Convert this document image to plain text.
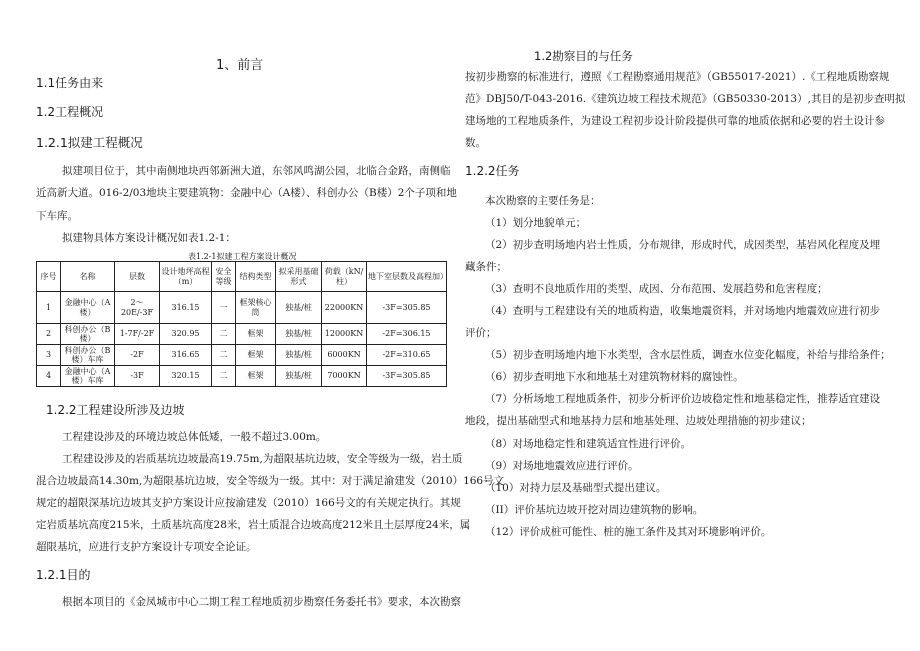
1、前言
1.1任务由来
1.2工程概况
1.2.1拟建工程概况
拟建项目位于，其中南侧地块西邻新洲大道，东邻风鸣湖公园，北临合金路，南侧临
近高新大道。016-2/03地块主要建筑物：金融中心（A楼）、科创办公（B楼）2个子项和地
下车库。
拟建物具体方案设计概况如表1.2-1：
表1.2-1拟建工程方案设计概况
序号	名称	层数	设计地坪高程（m）	安全等级	结构类型	拟采用基础形式	荷载（kN/柱）	地下室层数及高程加）
1	金融中心（A楼）	2～20E/-3F	316.15	一	框架核心筒	独基/桩	22000KN	-3F=305.85
2	科创办公（B楼）	1-7F/-2F	320.95	二	框架	独基/桩	12000KN	-2F=306.15
3	科创办公（B楼）车库	-2F	316.65	二	框架	独基/桩	6000KN	-2F=310.65
4	金融中心（A楼）车库	-3F	320.15	二	框架	独基/桩	7000KN	-3F=305.85
1.2.2工程建设所涉及边坡
工程建设涉及的环境边坡总体低矮，一般不超过3.00m。
工程建设涉及的岩质基坑边坡最高19.75m,为超限基坑边坡，安全等级为一级，岩土质
混合边坡最高14.30m,为超限基坑边坡，安全等级为一级。其中：对于满足渝建发（2010）166号文
规定的超限深基坑边坡其支护方案设计应按渝建发（2010）166号文的有关规定执行。其规
定岩质基坑高度215米，土质基坑高度28米，岩土质混合边坡高度212米且土层厚度24米，属
超限基坑，应进行支护方案设计专项安全论证。
1.2.1目的
根据本项目的《金凤城市中心二期工程工程地质初步勘察任务委托书》要求，本次勘察
1.2勘察目的与任务
按初步勘察的标准进行，遵照《工程勘察通用规范》（GB55017-2021）.《工程地质勘察规
范》DBJ50/T-043-2016.《建筑边坡工程技术规范》（GB50330-2013）,其目的是初步查明拟
建场地的工程地质条件，为建设工程初步设计阶段提供可靠的地质依据和必要的岩土设计参
数。
1.2.2任务
本次勘察的主要任务是：
（1）划分地貌单元；
（2）初步查明场地内岩土性质，分布规律，形成时代，成因类型，基岩风化程度及埋
藏条件；
（3）查明不良地质作用的类型、成因、分布范围、发展趋势和危害程度；
（4）查明与工程建设有关的地质构造，收集地震资料，并对场地内地震效应进行初步
评价；
（5）初步查明场地内地下水类型，含水层性质，调查水位变化幅度，补给与排给条件；
（6）初步查明地下水和地基土对建筑物材料的腐蚀性。
（7）分析场地工程地质条件，初步分析评价边坡稳定性和地基稳定性，推荐适宜建设
地段，提出基础型式和地基持力层和地基处理、边坡处理措施的初步建议；
（8）对场地稳定性和建筑适宜性进行评价。
（9）对场地地震效应进行评价。
（10）对持力层及基础型式提出建议。
（II）评价基坑边坡开挖对周边建筑物的影响。
（12）评价成桩可能性、桩的施工条件及其对环境影响评价。
